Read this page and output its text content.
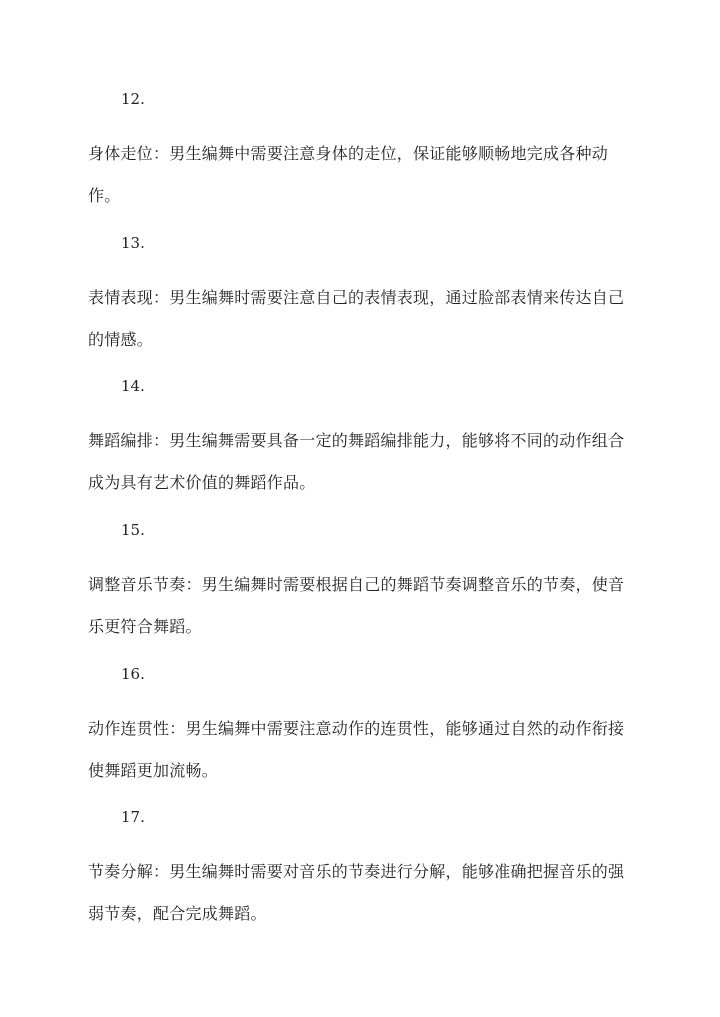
12.

身体走位：男生编舞中需要注意身体的走位，保证能够顺畅地完成各种动作。

13.

表情表现：男生编舞时需要注意自己的表情表现，通过脸部表情来传达自己的情感。

14.

舞蹈编排：男生编舞需要具备一定的舞蹈编排能力，能够将不同的动作组合成为具有艺术价值的舞蹈作品。

15.

调整音乐节奏：男生编舞时需要根据自己的舞蹈节奏调整音乐的节奏，使音乐更符合舞蹈。

16.

动作连贯性：男生编舞中需要注意动作的连贯性，能够通过自然的动作衔接使舞蹈更加流畅。

17.

节奏分解：男生编舞时需要对音乐的节奏进行分解，能够准确把握音乐的强弱节奏，配合完成舞蹈。
